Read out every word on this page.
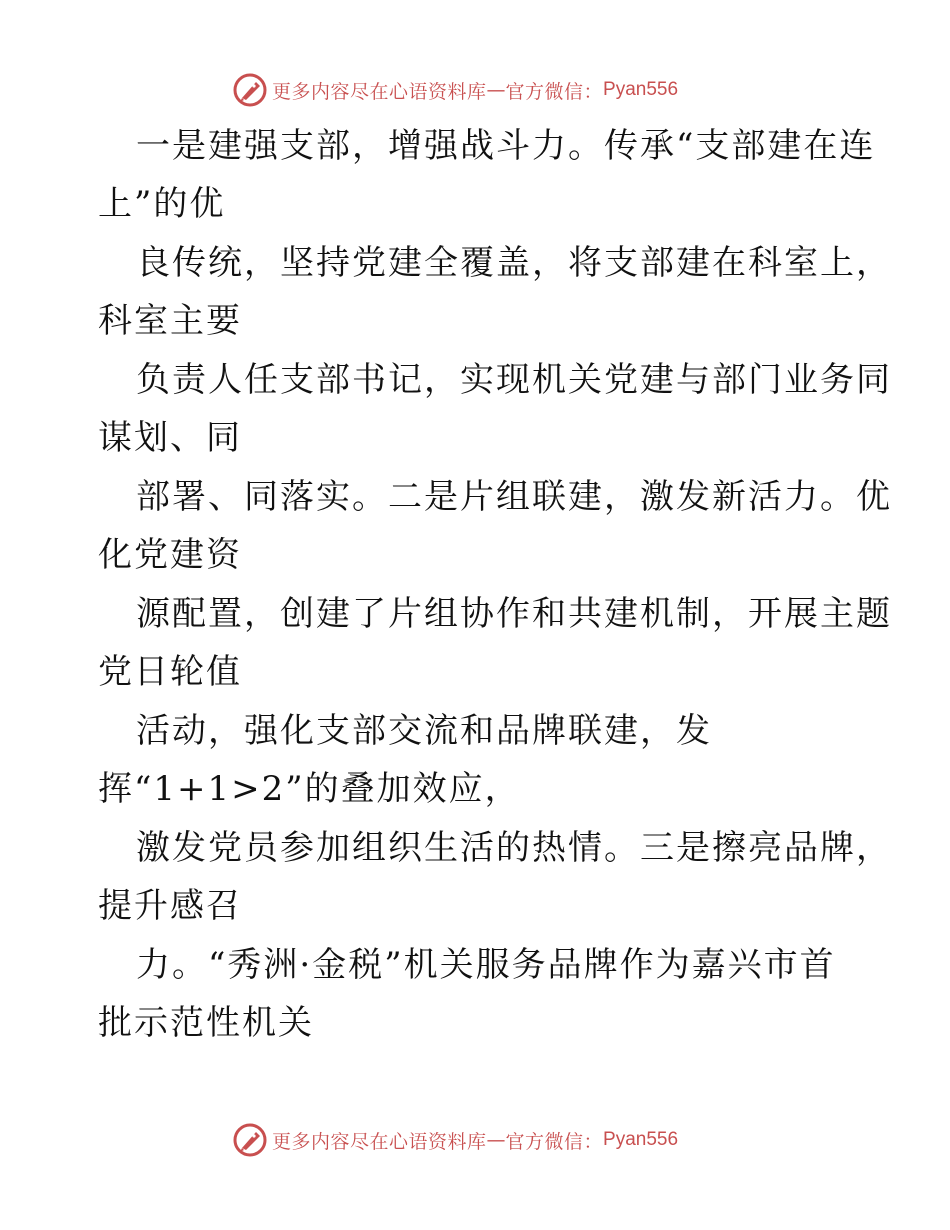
更多内容尽在心语资料库 — 官方微信： Pyan556
一是建强支部，增强战斗力。传承“支部建在连
上”的优
良传统，坚持党建全覆盖，将支部建在科室上，
科室主要
负责人任支部书记，实现机关党建与部门业务同
谋划、同
部署、同落实。二是片组联建，激发新活力。优
化党建资
源配置，创建了片组协作和共建机制，开展主题
党日轮值
活动，强化支部交流和品牌联建，发
挥“1+1>2”的叠加效应，
激发党员参加组织生活的热情。三是擦亮品牌，
提升感召
力。“秀洲·金税”机关服务品牌作为嘉兴市首
批示范性机关
更多内容尽在心语资料库 — 官方微信： Pyan556
